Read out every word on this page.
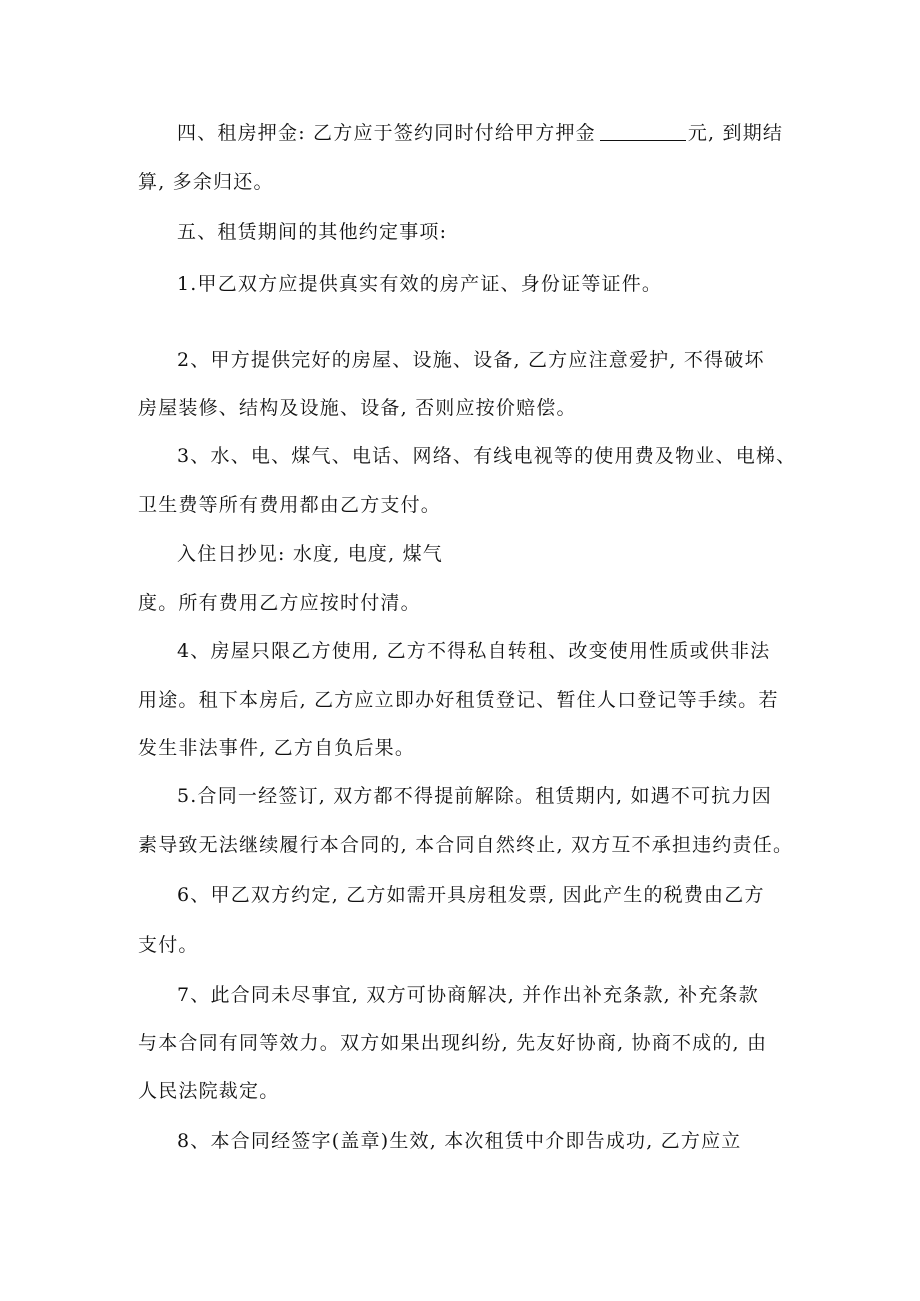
四、租房押金: 乙方应于签约同时付给甲方押金	元, 到期结

算, 多余归还。

五、租赁期间的其他约定事项:

1.甲乙双方应提供真实有效的房产证、身份证等证件。

2、甲方提供完好的房屋、设施、设备, 乙方应注意爱护, 不得破坏

房屋装修、结构及设施、设备, 否则应按价赔偿。

3、水、电、煤气、电话、网络、有线电视等的使用费及物业、电梯、

卫生费等所有费用都由乙方支付。

入住日抄见: 水度, 电度, 煤气

度。所有费用乙方应按时付清。

4、房屋只限乙方使用, 乙方不得私自转租、改变使用性质或供非法

用途。租下本房后, 乙方应立即办好租赁登记、暂住人口登记等手续。若

发生非法事件, 乙方自负后果。

5.合同一经签订, 双方都不得提前解除。租赁期内, 如遇不可抗力因

素导致无法继续履行本合同的, 本合同自然终止, 双方互不承担违约责任。

6、甲乙双方约定, 乙方如需开具房租发票, 因此产生的税费由乙方

支付。

7、此合同未尽事宜, 双方可协商解决, 并作出补充条款, 补充条款

与本合同有同等效力。双方如果出现纠纷, 先友好协商, 协商不成的, 由

人民法院裁定。

8、本合同经签字(盖章)生效, 本次租赁中介即告成功, 乙方应立
